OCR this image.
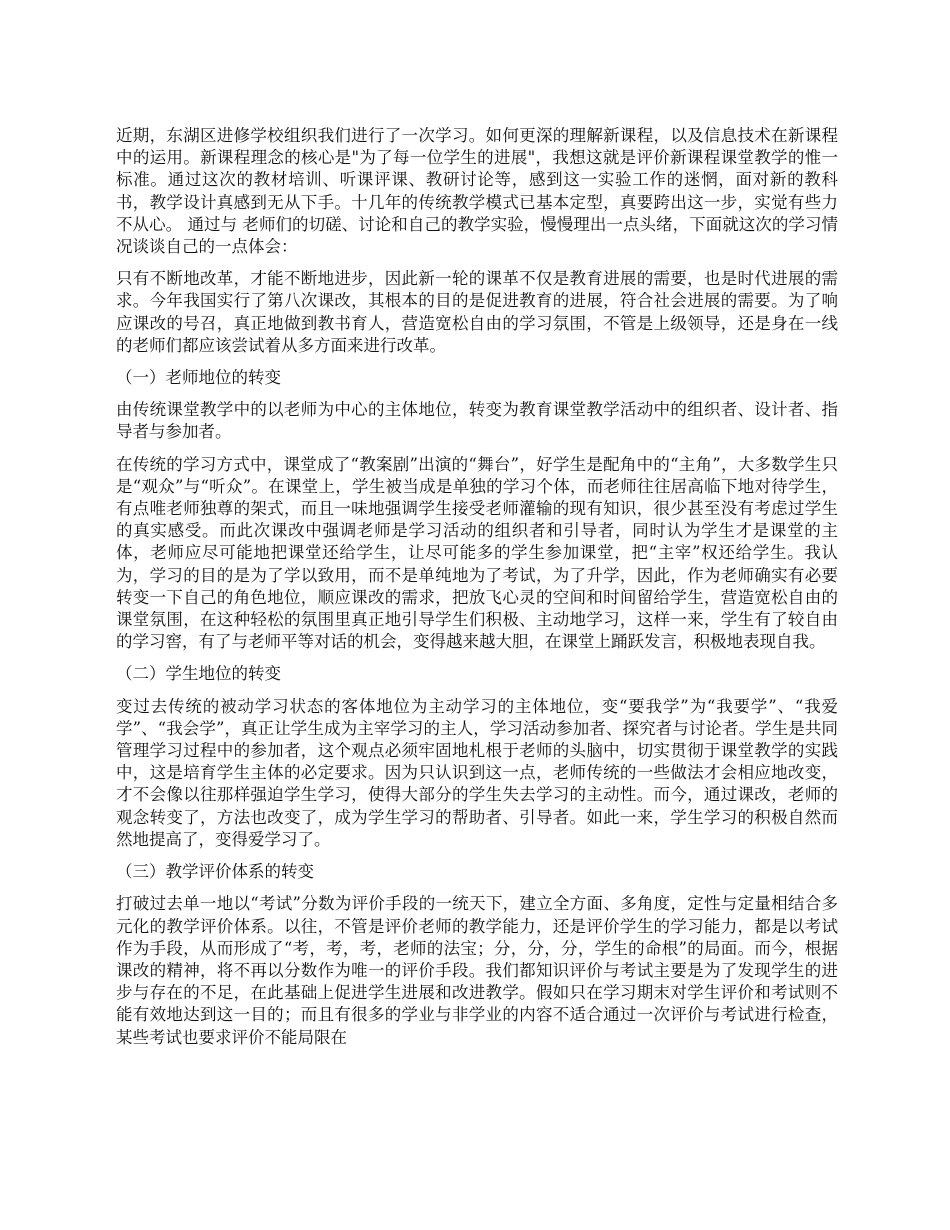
近期，东湖区进修学校组织我们进行了一次学习。如何更深的理解新课程，以及信息技术在新课程中的运用。新课程理念的核心是"为了每一位学生的进展"，我想这就是评价新课程课堂教学的惟一标准。通过这次的教材培训、听课评课、教研讨论等，感到这一实验工作的迷惘，面对新的教科书，教学设计真感到无从下手。十几年的传统教学模式已基本定型，真要跨出这一步，实觉有些力不从心。 通过与 老师们的切磋、讨论和自己的教学实验，慢慢理出一点头绪，下面就这次的学习情况谈谈自己的一点体会：

只有不断地改革，才能不断地进步，因此新一轮的课革不仅是教育进展的需要，也是时代进展的需求。今年我国实行了第八次课改，其根本的目的是促进教育的进展，符合社会进展的需要。为了响应课改的号召，真正地做到教书育人，营造宽松自由的学习氛围，不管是上级领导，还是身在一线的老师们都应该尝试着从多方面来进行改革。

（一）老师地位的转变

由传统课堂教学中的以老师为中心的主体地位，转变为教育课堂教学活动中的组织者、设计者、指导者与参加者。

在传统的学习方式中，课堂成了“教案剧”出演的“舞台”，好学生是配角中的“主角”，大多数学生只是“观众”与“听众”。在课堂上，学生被当成是单独的学习个体，而老师往往居高临下地对待学生，有点唯老师独尊的架式，而且一味地强调学生接受老师灌输的现有知识，很少甚至没有考虑过学生的真实感受。而此次课改中强调老师是学习活动的组织者和引导者，同时认为学生才是课堂的主体，老师应尽可能地把课堂还给学生，让尽可能多的学生参加课堂，把“主宰”权还给学生。我认为，学习的目的是为了学以致用，而不是单纯地为了考试，为了升学，因此，作为老师确实有必要转变一下自己的角色地位，顺应课改的需求，把放飞心灵的空间和时间留给学生，营造宽松自由的课堂氛围，在这种轻松的氛围里真正地引导学生们积极、主动地学习，这样一来，学生有了较自由的学习窖，有了与老师平等对话的机会，变得越来越大胆，在课堂上踊跃发言，积极地表现自我。

（二）学生地位的转变

变过去传统的被动学习状态的客体地位为主动学习的主体地位，变“要我学”为“我要学”、“我爱学”、“我会学”，真正让学生成为主宰学习的主人，学习活动参加者、探究者与讨论者。学生是共同管理学习过程中的参加者，这个观点必须牢固地札根于老师的头脑中，切实贯彻于课堂教学的实践中，这是培育学生主体的必定要求。因为只认识到这一点，老师传统的一些做法才会相应地改变，才不会像以往那样强迫学生学习，使得大部分的学生失去学习的主动性。而今，通过课改，老师的观念转变了，方法也改变了，成为学生学习的帮助者、引导者。如此一来，学生学习的积极自然而然地提高了，变得爱学习了。

（三）教学评价体系的转变

打破过去单一地以“考试”分数为评价手段的一统天下，建立全方面、多角度，定性与定量相结合多元化的教学评价体系。以往，不管是评价老师的教学能力，还是评价学生的学习能力，都是以考试作为手段，从而形成了“考，考，考，老师的法宝；分，分，分，学生的命根”的局面。而今，根据课改的精神，将不再以分数作为唯一的评价手段。我们都知识评价与考试主要是为了发现学生的进步与存在的不足，在此基础上促进学生进展和改进教学。假如只在学习期末对学生评价和考试则不能有效地达到这一目的；而且有很多的学业与非学业的内容不适合通过一次评价与考试进行检查，某些考试也要求评价不能局限在
